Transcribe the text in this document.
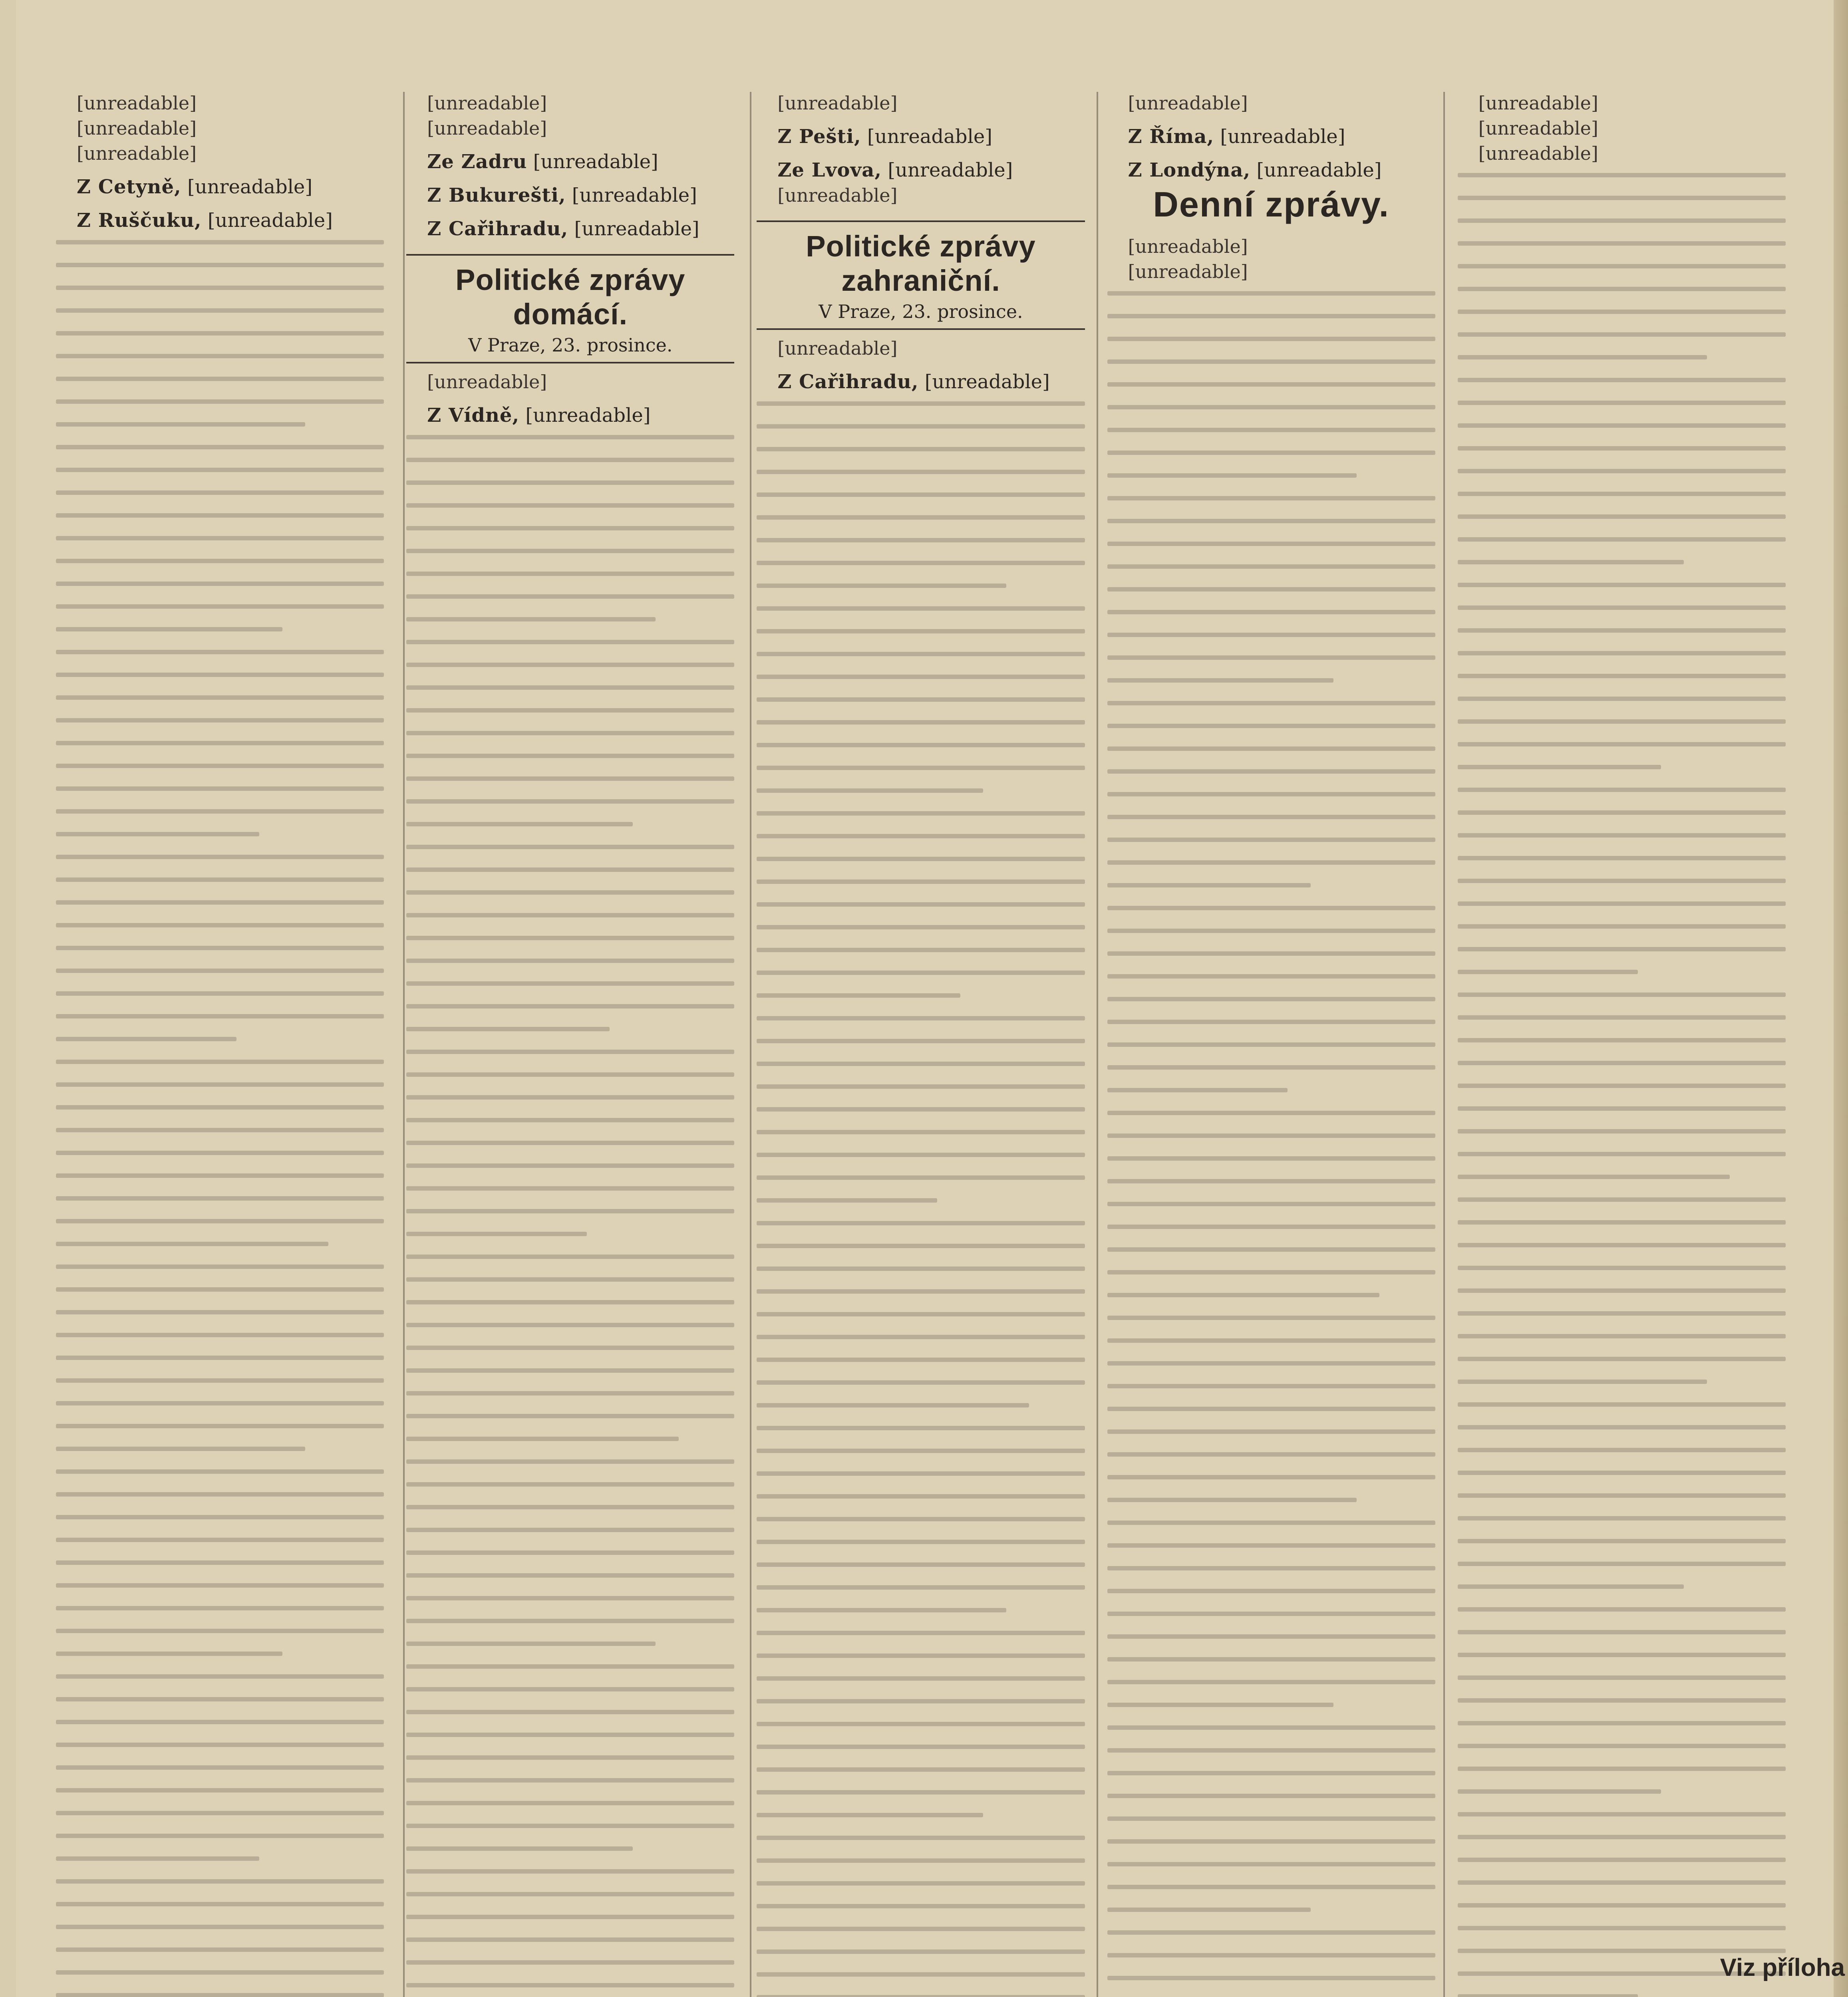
[unreadable]

[unreadable]

[unreadable]

Z Cetyně, [unreadable]

Z Ruščuku, [unreadable]

[unreadable]

[unreadable]

Ze Zadru [unreadable]

Z Bukurešti, [unreadable]

Z Cařihradu, [unreadable]

Politické zprávy domácí.

V Praze, 23. prosince.

[unreadable]

Z Vídně, [unreadable]

[unreadable]

Z Pešti, [unreadable]

Ze Lvova, [unreadable]

[unreadable]

Politické zprávy zahraniční.

V Praze, 23. prosince.

[unreadable]

Z Cařihradu, [unreadable]

[unreadable]

Z Říma, [unreadable]

Z Londýna, [unreadable]

Denní zprávy.

[unreadable]

[unreadable]

[unreadable]

[unreadable]

[unreadable]

Viz příloha
